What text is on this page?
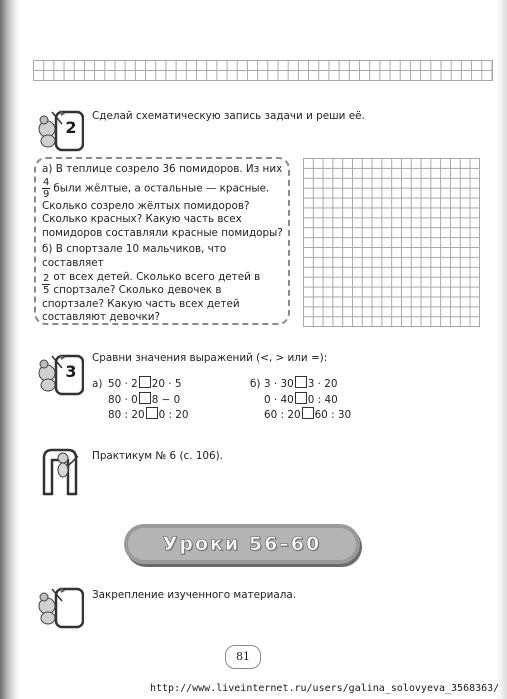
2
Сделай схематическую запись задачи и реши её.

а) В теплице созрело 36 помидоров. Из них

$\frac{4}{9}$ были жёлтые, а остальные — красные.

Сколько созрело жёлтых помидоров? Сколько красных? Какую часть всех помидоров составляли красные помидоры?

б) В спортзале 10 мальчиков, что составляет

$\frac{2}{5}$ от всех детей. Сколько всего детей в спортзале? Сколько девочек в спортзале? Какую часть всех детей составляют девочки?

3
Сравни значения выражений (<, > или =):
а) 50 · 2 20 · 5
80 · 0 8 − 0
80 : 20 0 : 20
б) 3 · 30 3 · 20
0 · 40 0 : 40
60 : 20 60 : 30
Практикум № 6 (с. 106).
Уроки 56–60
Закрепление изученного материала.
81
http://www.liveinternet.ru/users/galina_solovyeva_3568363/
